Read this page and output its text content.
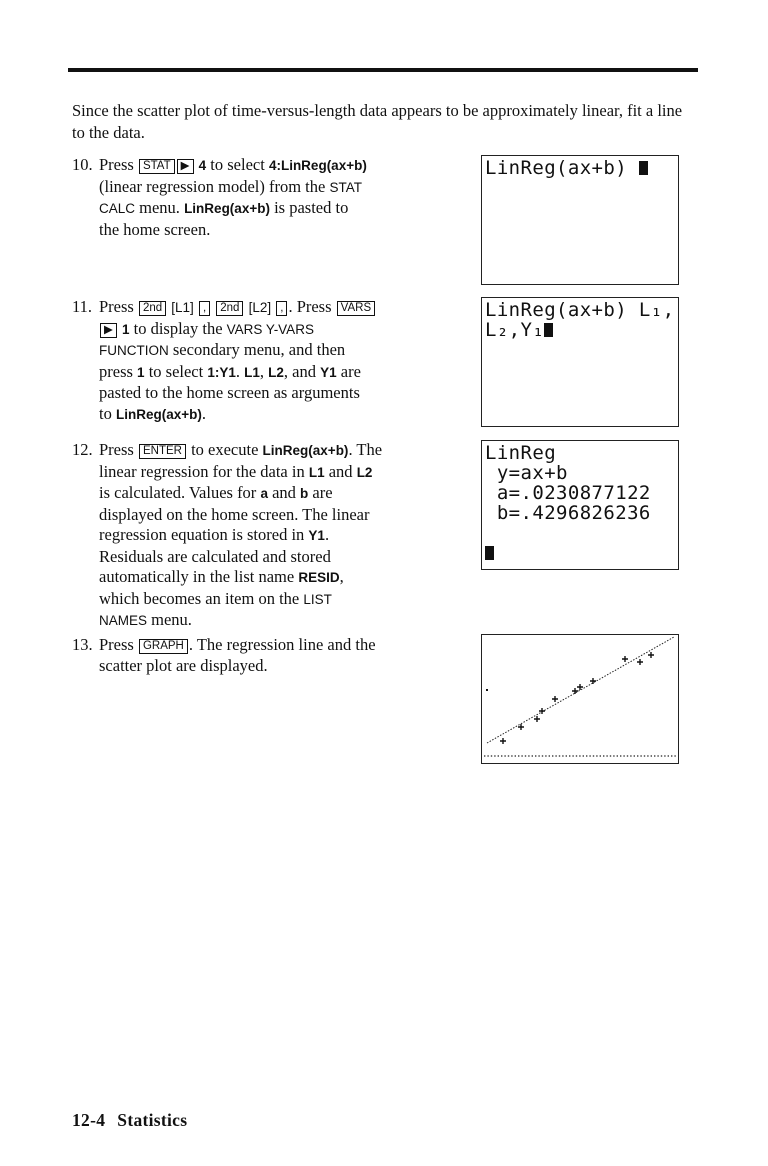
Since the scatter plot of time-versus-length data appears to be approximately linear, fit a line to the data.

10. Press STAT ▶ 4 to select 4:LinReg(ax+b)
(linear regression model) from the STAT
CALC menu. LinReg(ax+b) is pasted to
the home screen.

11. Press 2nd [L1] , 2nd [L2] , . Press VARS
▶ 1 to display the VARS Y-VARS
FUNCTION secondary menu, and then
press 1 to select 1:Y1. L1, L2, and Y1 are
pasted to the home screen as arguments
to LinReg(ax+b).

12. Press ENTER to execute LinReg(ax+b). The
linear regression for the data in L1 and L2
is calculated. Values for a and b are
displayed on the home screen. The linear
regression equation is stored in Y1.
Residuals are calculated and stored
automatically in the list name RESID,
which becomes an item on the LIST
NAMES menu.

13. Press GRAPH . The regression line and the
scatter plot are displayed.

LinReg(ax+b)
LinReg(ax+b) L₁,
L₂,Y₁
LinReg
y=ax+b
a=.0230877122
b=.4296826236

12-4 Statistics
